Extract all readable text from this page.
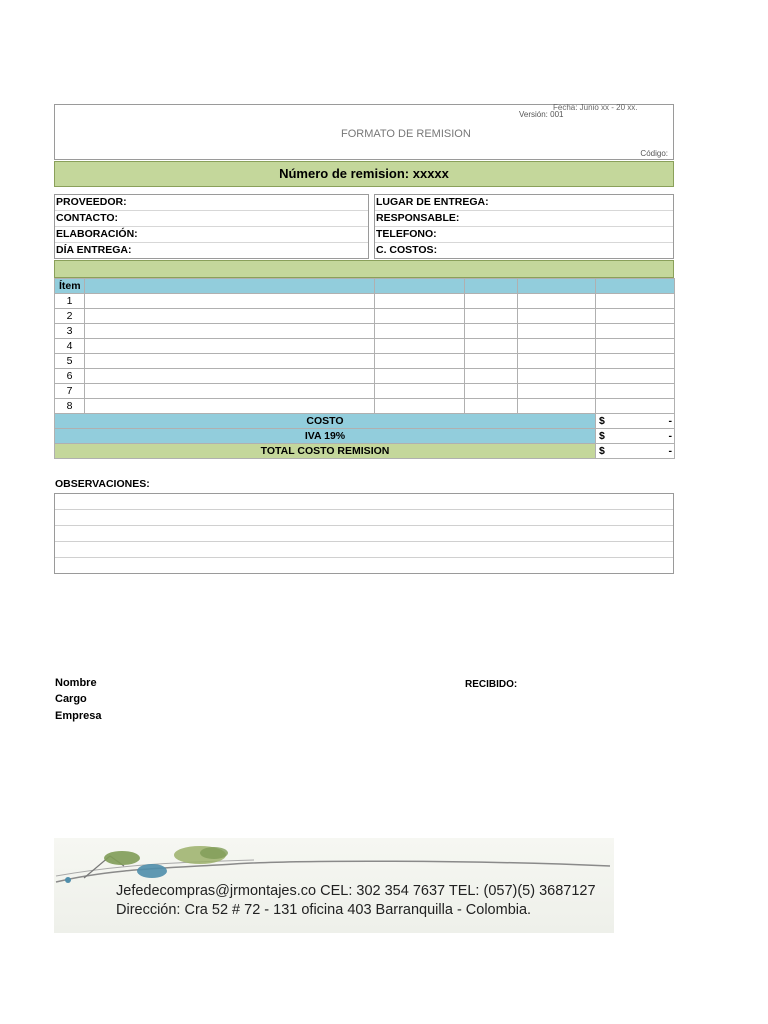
Fecha: Junio xx - 20 xx.
Versión: 001
FORMATO DE REMISION
Código:
Número de remision: xxxxx
PROVEEDOR:
CONTACTO:
ELABORACIÓN:
DÍA ENTREGA:
LUGAR DE ENTREGA:
RESPONSABLE:
TELEFONO:
C. COSTOS:
Ítem					
1					
2					
3					
4					
5					
6					
7					
8					
COSTO					$ -

IVA 19%					$ -

TOTAL COSTO REMISION					$ -
OBSERVACIONES:
Nombre
Cargo
Empresa
RECIBIDO:
Jefedecompras@jrmontajes.co CEL: 302 354 7637 TEL: (057)(5) 3687127
Dirección: Cra 52 # 72 - 131 oficina 403 Barranquilla - Colombia.
